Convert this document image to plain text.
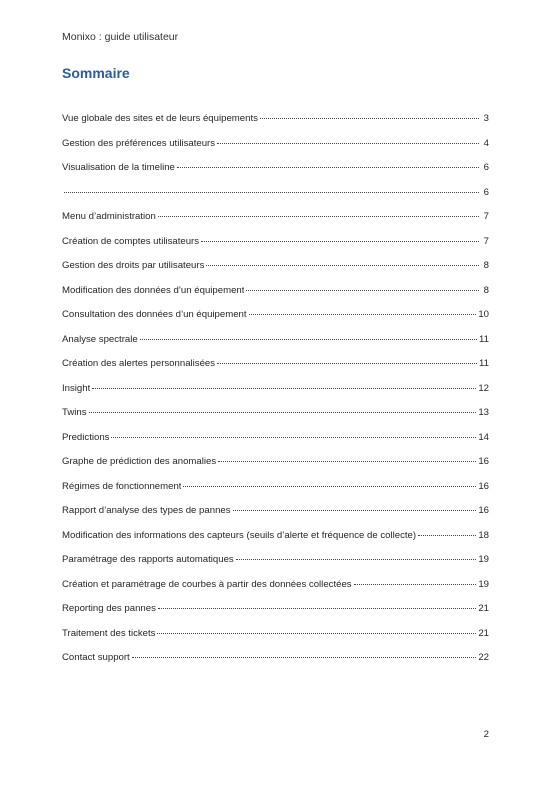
Monixo : guide utilisateur
Sommaire
Vue globale des sites et de leurs équipements	3
Gestion des préférences utilisateurs	4
Visualisation de la timeline	6
6
Menu d’administration	7
Création de comptes utilisateurs	7
Gestion des droits par utilisateurs	8
Modification des données d’un équipement	8
Consultation des données d’un équipement	10
Analyse spectrale	11
Création des alertes personnalisées	11
Insight	12
Twins	13
Predictions	14
Graphe de prédiction des anomalies	16
Régimes de fonctionnement	16
Rapport d’analyse des types de pannes	16
Modification des informations des capteurs (seuils d’alerte et fréquence de collecte)	18
Paramétrage des rapports automatiques	19
Création et paramétrage de courbes à partir des données collectées	19
Reporting des pannes	21
Traitement des tickets	21
Contact support	22
2
